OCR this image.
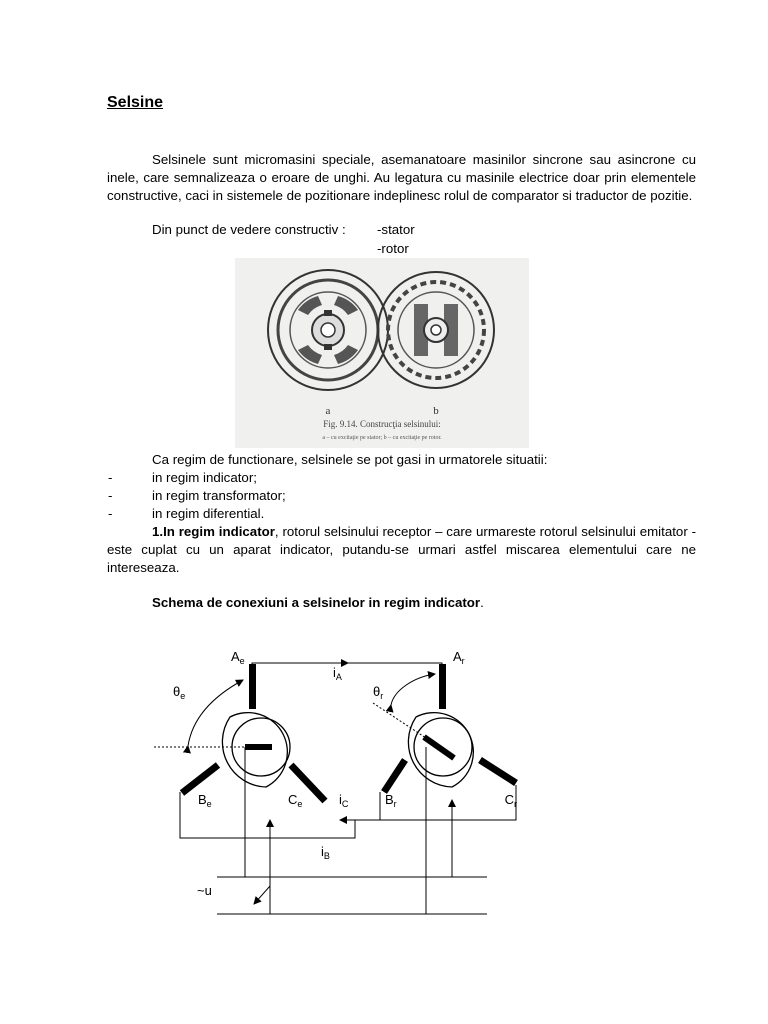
Selsine

Selsinele sunt micromasini speciale, asemanatoare masinilor sincrone sau asincrone cu inele, care semnalizeaza o eroare de unghi. Au legatura cu masinile electrice doar prin elementele constructive, caci in sistemele de pozitionare indeplinesc rolul de comparator si traductor de pozitie.

Din punct de vedere constructiv : -stator

-rotor

a	b
Fig. 9.14. Construcţia selsinului:
a – cu excitaţie pe stator; b – cu excitaţie pe rotor.

Ca regim de functionare, selsinele se pot gasi in urmatorele situatii:

-	in regim indicator;
-	in regim transformator;
-	in regim diferential.

1.In regim indicator, rotorul selsinului receptor – care urmareste rotorul selsinului emitator - este cuplat cu un aparat indicator, putandu-se urmari astfel miscarea elementului care ne intereseaza.

Schema de conexiuni a selsinelor in regim indicator.

$A_e$	$A_r$
$\theta_e$	$\theta_r$
$i_A$
$B_e$	$C_e$	$i_C$	$B_r$	$C_r$
$i_B$
~u
